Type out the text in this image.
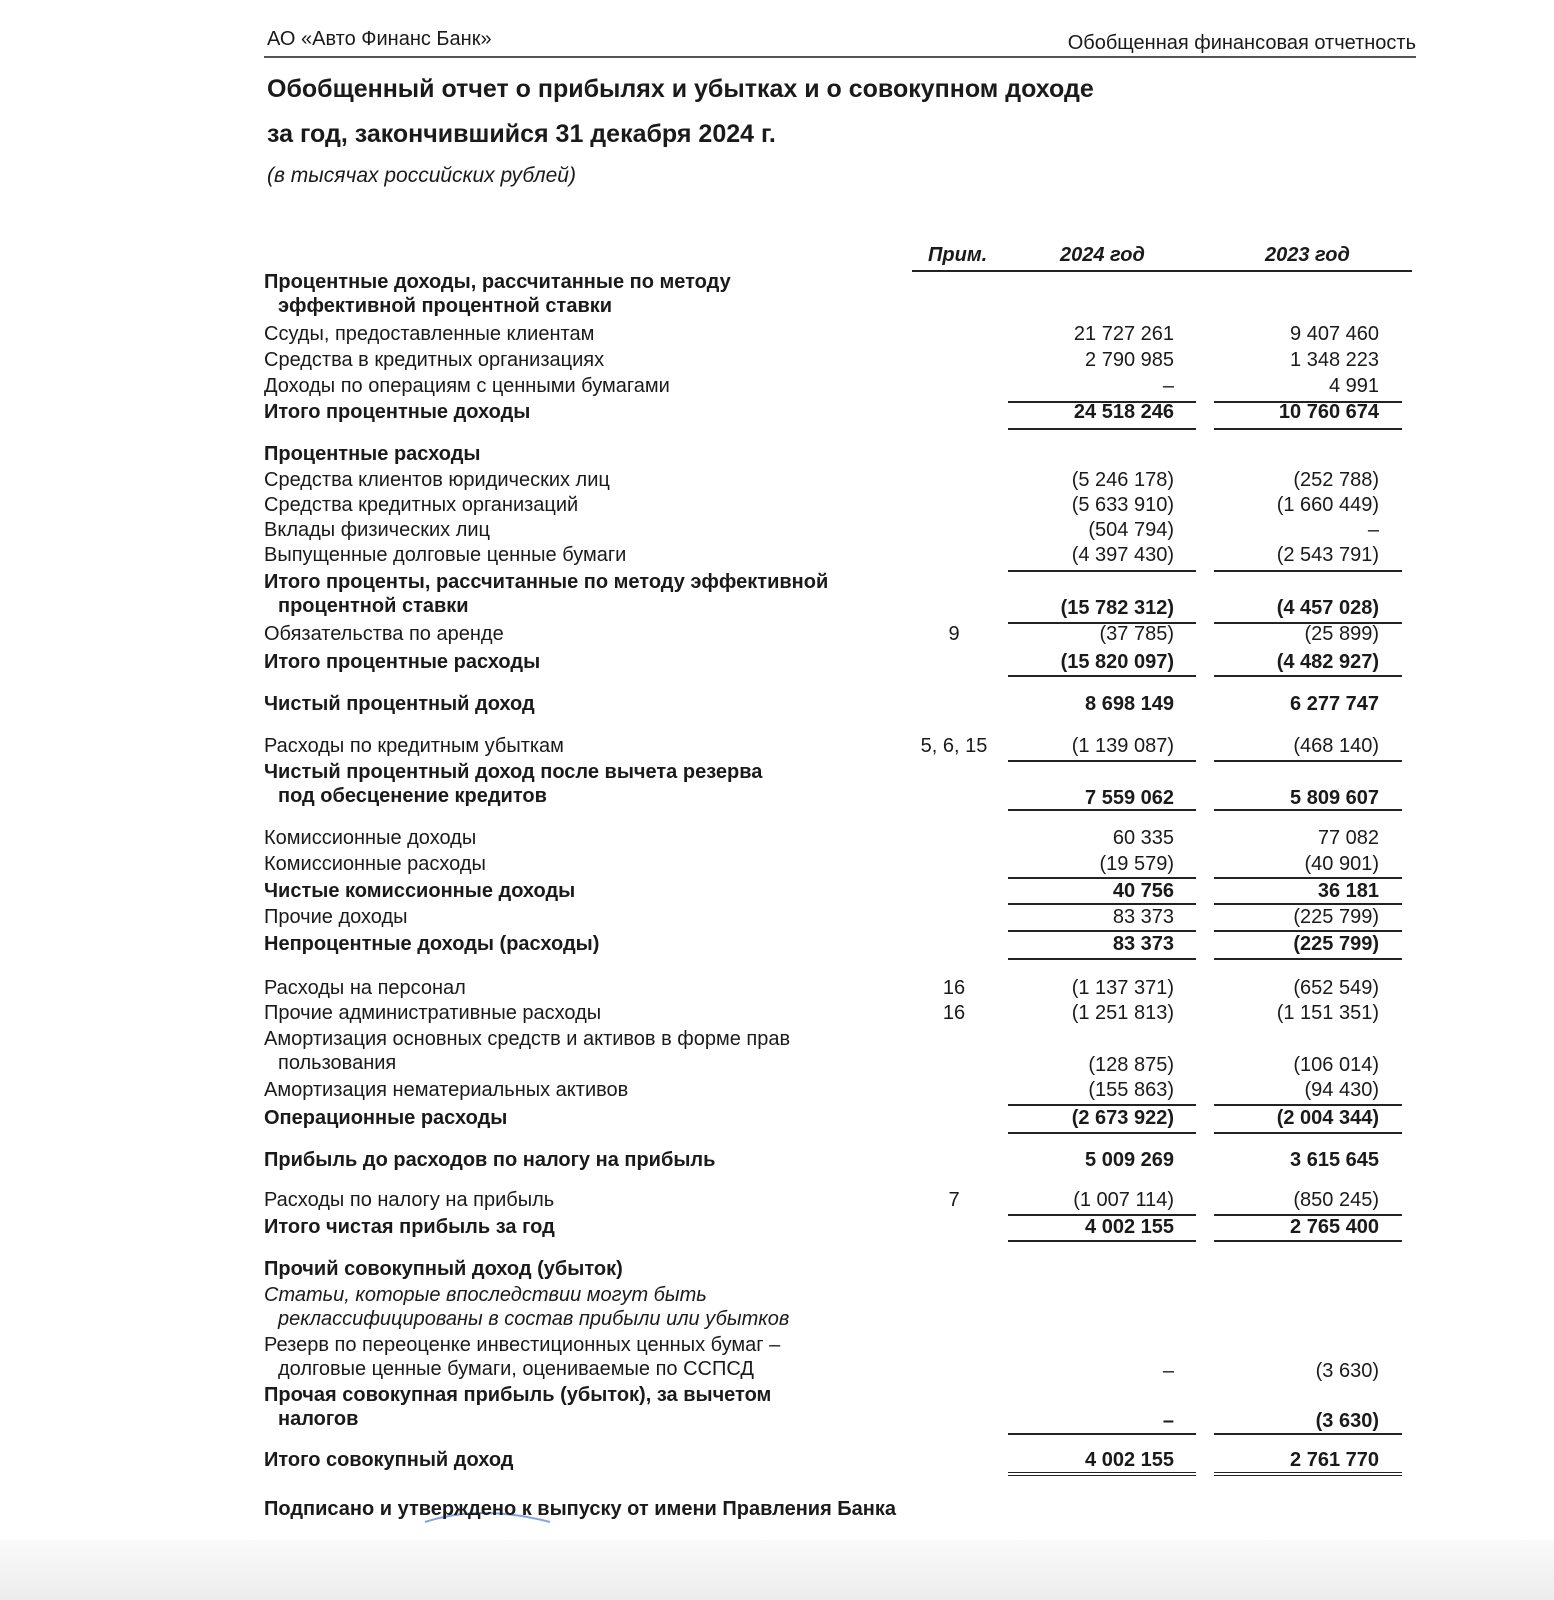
АО «Авто Финанс Банк»	Обобщенная финансовая отчетность
Обобщенный отчет о прибылях и убытках и о совокупном доходе
за год, закончившийся 31 декабря 2024 г.
(в тысячах российских рублей)
Прим.	2024 год	2023 год
Процентные доходы, рассчитанные по методу
эффективной процентной ставки
Ссуды, предоставленные клиентам	21 727 261	9 407 460
Средства в кредитных организациях	2 790 985	1 348 223
Доходы по операциям с ценными бумагами	–	4 991
Итого процентные доходы	24 518 246	10 760 674
Процентные расходы
Средства клиентов юридических лиц	(5 246 178)	(252 788)
Средства кредитных организаций	(5 633 910)	(1 660 449)
Вклады физических лиц	(504 794)	–
Выпущенные долговые ценные бумаги	(4 397 430)	(2 543 791)
Итого проценты, рассчитанные по методу эффективной
процентной ставки	(15 782 312)	(4 457 028)
Обязательства по аренде	9	(37 785)	(25 899)
Итого процентные расходы	(15 820 097)	(4 482 927)
Чистый процентный доход	8 698 149	6 277 747
Расходы по кредитным убыткам	5, 6, 15	(1 139 087)	(468 140)
Чистый процентный доход после вычета резерва
под обесценение кредитов	7 559 062	5 809 607
Комиссионные доходы	60 335	77 082
Комиссионные расходы	(19 579)	(40 901)
Чистые комиссионные доходы	40 756	36 181
Прочие доходы	83 373	(225 799)
Непроцентные доходы (расходы)	83 373	(225 799)
Расходы на персонал	16	(1 137 371)	(652 549)
Прочие административные расходы	16	(1 251 813)	(1 151 351)
Амортизация основных средств и активов в форме прав
пользования	(128 875)	(106 014)
Амортизация нематериальных активов	(155 863)	(94 430)
Операционные расходы	(2 673 922)	(2 004 344)
Прибыль до расходов по налогу на прибыль	5 009 269	3 615 645
Расходы по налогу на прибыль	7	(1 007 114)	(850 245)
Итого чистая прибыль за год	4 002 155	2 765 400
Прочий совокупный доход (убыток)
Статьи, которые впоследствии могут быть
реклассифицированы в состав прибыли или убытков
Резерв по переоценке инвестиционных ценных бумаг –
долговые ценные бумаги, оцениваемые по ССПСД	–	(3 630)
Прочая совокупная прибыль (убыток), за вычетом
налогов	–	(3 630)
Итого совокупный доход	4 002 155	2 761 770
Подписано и утверждено к выпуску от имени Правления Банка
